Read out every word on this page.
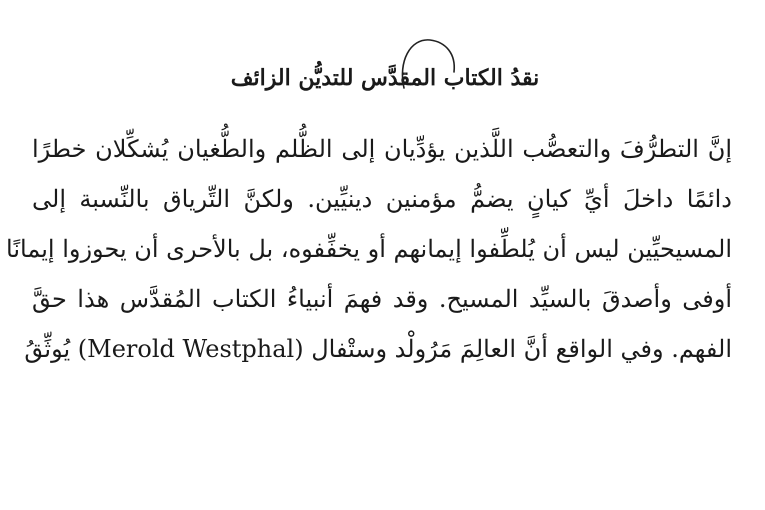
نقدُ الكتاب المقدَّس للتديُّن الزائف
إنَّ التطرُّفَ والتعصُّب اللَّذين يؤدِّيان إلى الظُّلم والطُّغيان يُشكِّلان خطرًا
دائمًا داخلَ أيِّ كيانٍ يضمُّ مؤمنين دينيِّين. ولكنَّ التِّرياق بالنِّسبة إلى
المسيحيِّين ليس أن يُلطِّفوا إيمانهم أو يخفِّفوه، بل بالأحرى أن يحوزوا إيمانًا
أوفى وأصدقَ بالسيِّد المسيح. وقد فهمَ أنبياءُ الكتاب المُقدَّس هذا حقَّ
الفهم. وفي الواقع أنَّ العالِمَ مَرُولْد وستْفال (Merold Westphal) يُوثِّقُ
